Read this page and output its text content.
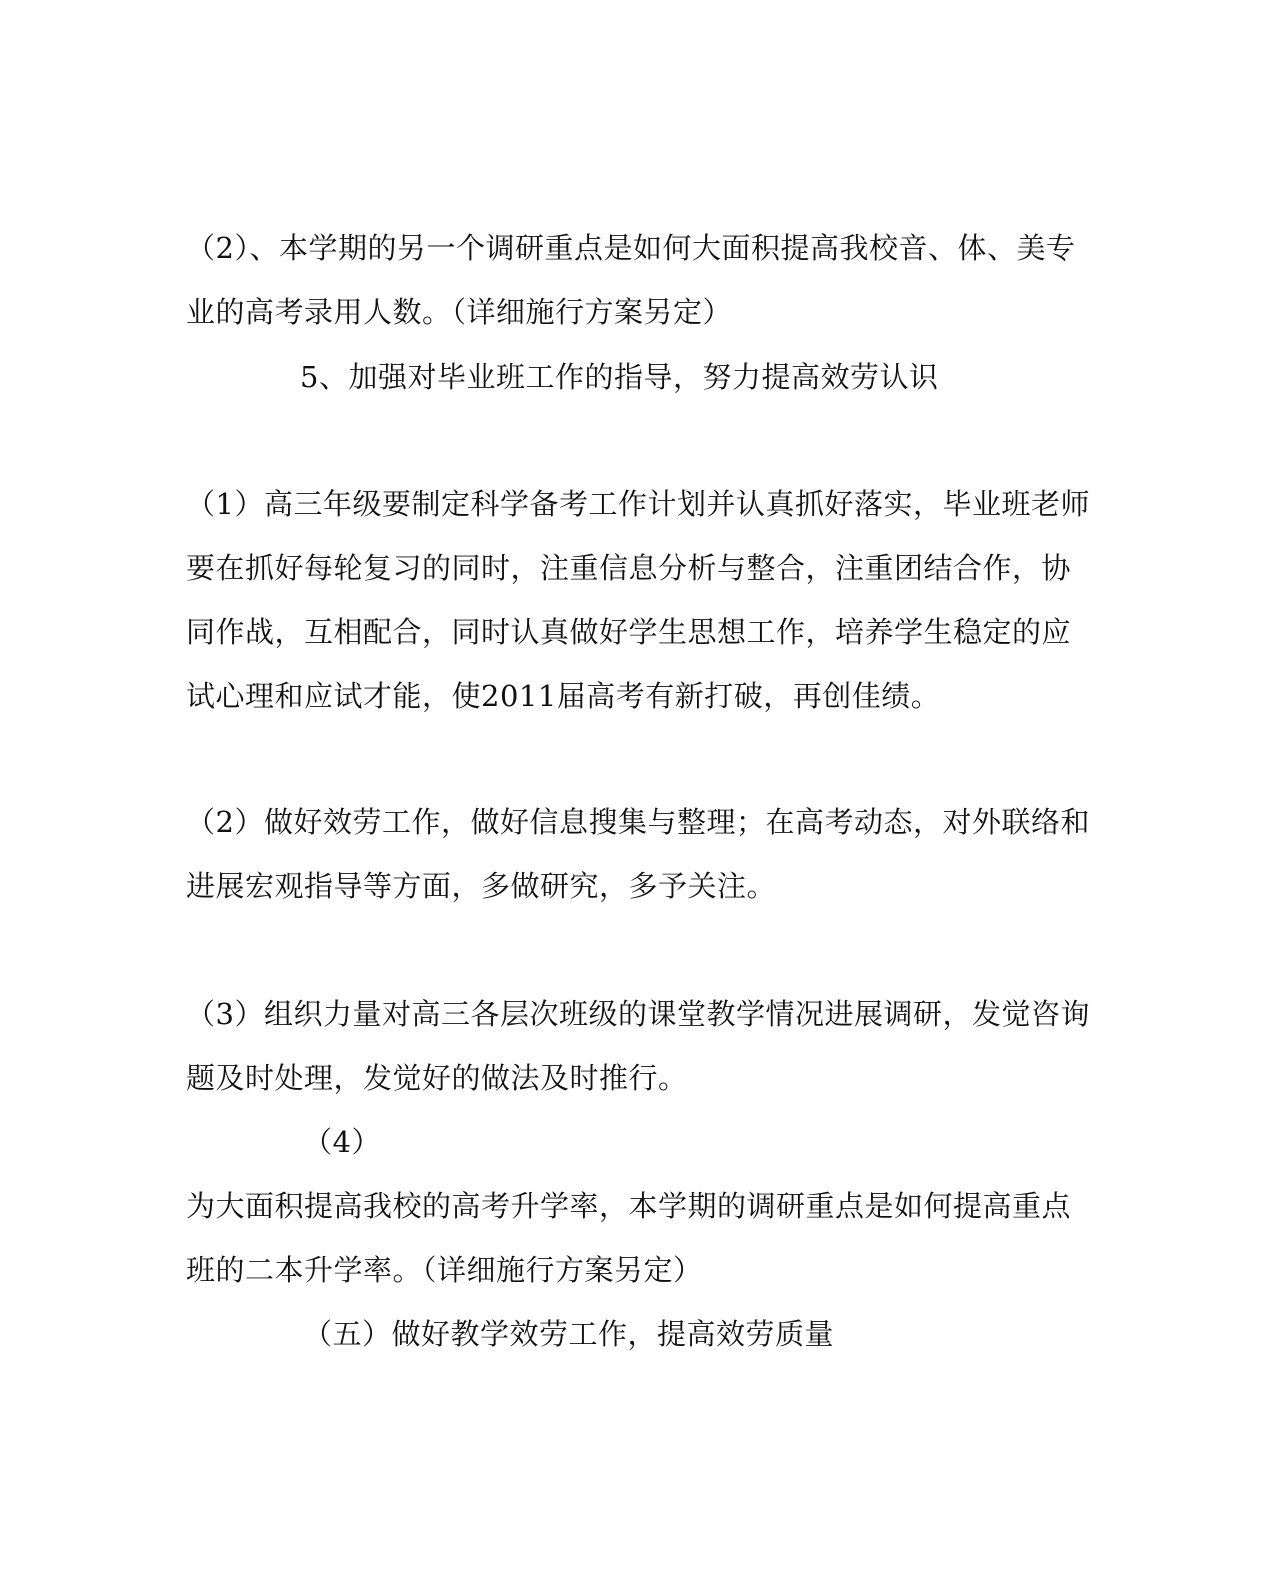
（2）、本学期的另一个调研重点是如何大面积提高我校音、体、美专
业的高考录用人数。（详细施行方案另定）
5、加强对毕业班工作的指导，努力提高效劳认识
（1）高三年级要制定科学备考工作计划并认真抓好落实，毕业班老师
要在抓好每轮复习的同时，注重信息分析与整合，注重团结合作，协
同作战，互相配合，同时认真做好学生思想工作，培养学生稳定的应
试心理和应试才能，使2011届高考有新打破，再创佳绩。
（2）做好效劳工作，做好信息搜集与整理；在高考动态，对外联络和
进展宏观指导等方面，多做研究，多予关注。
（3）组织力量对高三各层次班级的课堂教学情况进展调研，发觉咨询
题及时处理，发觉好的做法及时推行。
（4）
为大面积提高我校的高考升学率，本学期的调研重点是如何提高重点
班的二本升学率。（详细施行方案另定）
（五）做好教学效劳工作，提高效劳质量
